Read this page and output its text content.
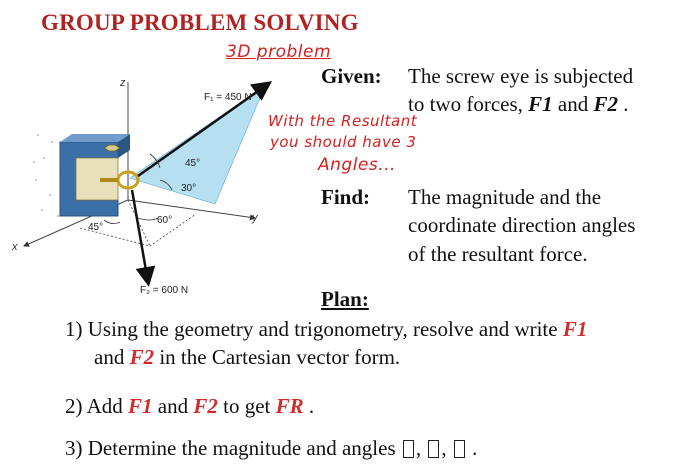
GROUP PROBLEM SOLVING
3D problem
With the Resultant
you should have 3
Angles...
Given: The screw eye is subjected
to two forces, F1 and F2 .
Find: The magnitude and the
coordinate direction angles
of the resultant force.
Plan:
1) Using the geometry and trigonometry, resolve and write F1
and F2 in the Cartesian vector form.
2) Add F1 and F2 to get FR .
3) Determine the magnitude and angles , ,  .
z
y
x
F₁ = 450 N
F₂ = 600 N
45°
30°
60°
45°
